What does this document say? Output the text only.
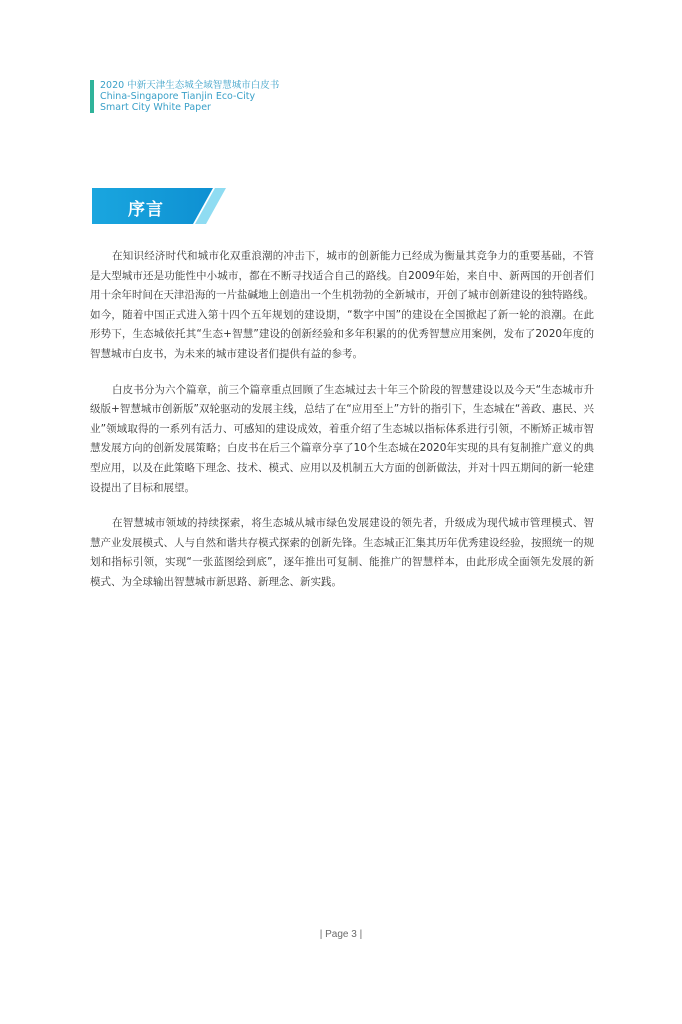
2020 中新天津生态城全域智慧城市白皮书
China-Singapore Tianjin Eco-City
Smart City White Paper
序言

在知识经济时代和城市化双重浪潮的冲击下，城市的创新能力已经成为衡量其竞争力的重要基础，不管是大型城市还是功能性中小城市，都在不断寻找适合自己的路线。自2009年始，来自中、新两国的开创者们用十余年时间在天津沿海的一片盐碱地上创造出一个生机勃勃的全新城市，开创了城市创新建设的独特路线。如今，随着中国正式进入第十四个五年规划的建设期，“数字中国”的建设在全国掀起了新一轮的浪潮。在此形势下，生态城依托其“生态+智慧”建设的创新经验和多年积累的的优秀智慧应用案例，发布了2020年度的智慧城市白皮书，为未来的城市建设者们提供有益的参考。

白皮书分为六个篇章，前三个篇章重点回顾了生态城过去十年三个阶段的智慧建设以及今天“生态城市升级版+智慧城市创新版”双轮驱动的发展主线，总结了在“应用至上”方针的指引下，生态城在“善政、惠民、兴业”领域取得的一系列有活力、可感知的建设成效，着重介绍了生态城以指标体系进行引领，不断矫正城市智慧发展方向的创新发展策略；白皮书在后三个篇章分享了10个生态城在2020年实现的具有复制推广意义的典型应用，以及在此策略下理念、技术、模式、应用以及机制五大方面的创新做法，并对十四五期间的新一轮建设提出了目标和展望。

在智慧城市领域的持续探索，将生态城从城市绿色发展建设的领先者，升级成为现代城市管理模式、智慧产业发展模式、人与自然和谐共存模式探索的创新先锋。生态城正汇集其历年优秀建设经验，按照统一的规划和指标引领，实现“一张蓝图绘到底”，逐年推出可复制、能推广的智慧样本，由此形成全面领先发展的新模式、为全球输出智慧城市新思路、新理念、新实践。

| Page 3 |
